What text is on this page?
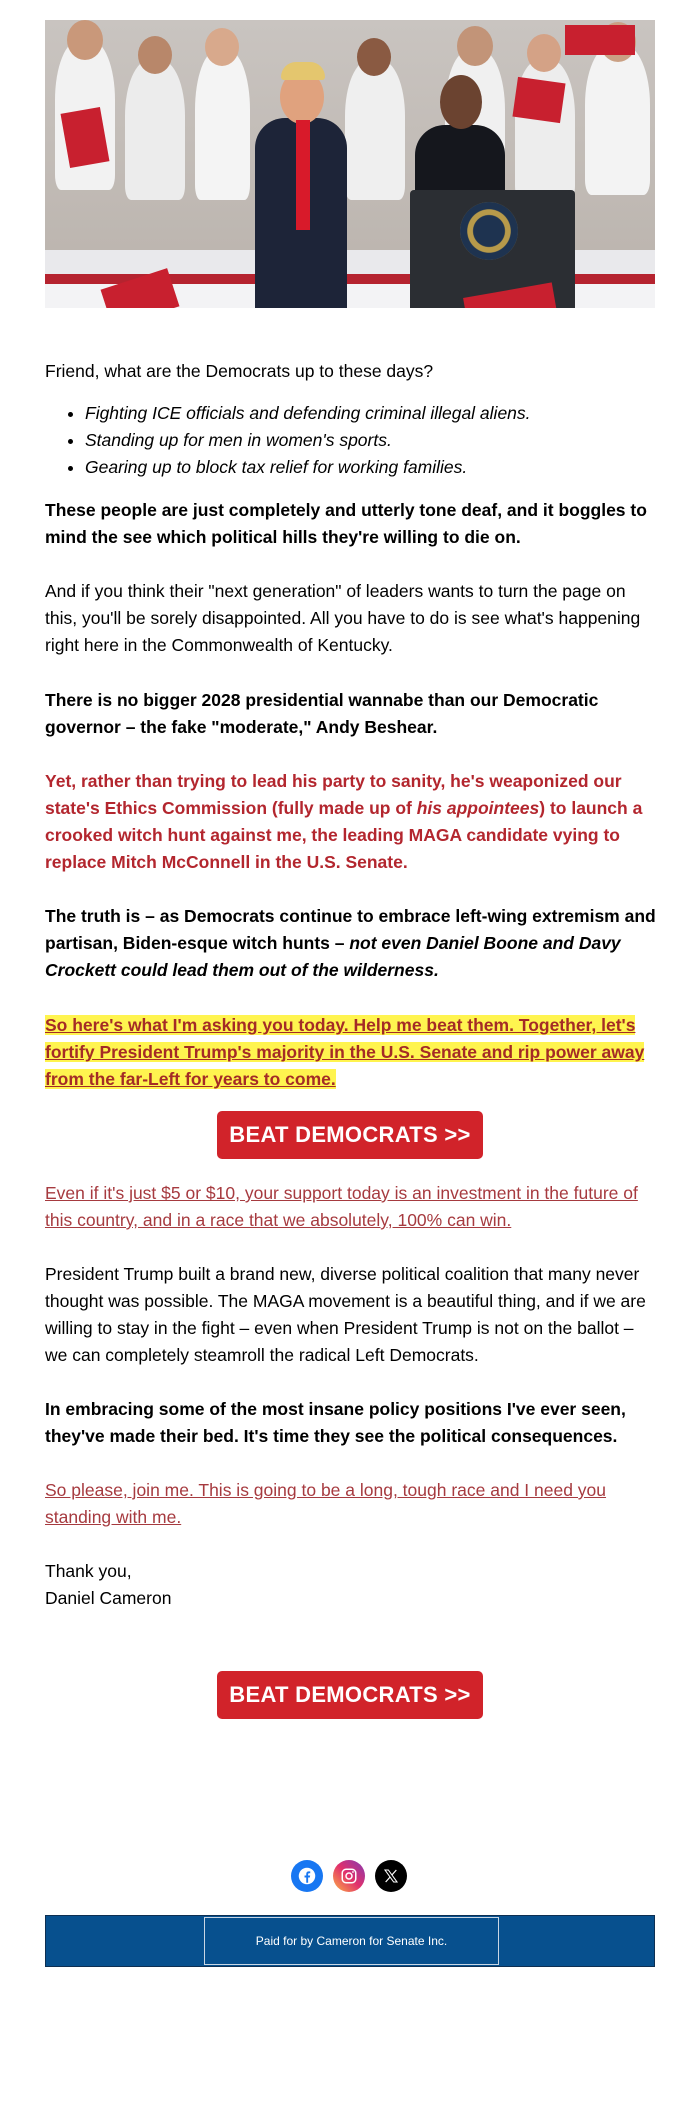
Friend, what are the Democrats up to these days?
• Fighting ICE officials and defending criminal illegal aliens.
• Standing up for men in women's sports.
• Gearing up to block tax relief for working families.
These people are just completely and utterly tone deaf, and it boggles to mind the see which political hills they're willing to die on.
And if you think their "next generation" of leaders wants to turn the page on this, you'll be sorely disappointed. All you have to do is see what's happening right here in the Commonwealth of Kentucky.
There is no bigger 2028 presidential wannabe than our Democratic governor – the fake "moderate," Andy Beshear.
Yet, rather than trying to lead his party to sanity, he's weaponized our state's Ethics Commission (fully made up of his appointees) to launch a crooked witch hunt against me, the leading MAGA candidate vying to replace Mitch McConnell in the U.S. Senate.
The truth is – as Democrats continue to embrace left-wing extremism and partisan, Biden-esque witch hunts – not even Daniel Boone and Davy Crockett could lead them out of the wilderness.
So here's what I'm asking you today. Help me beat them. Together, let's fortify President Trump's majority in the U.S. Senate and rip power away from the far-Left for years to come.
BEAT DEMOCRATS >>
Even if it's just $5 or $10, your support today is an investment in the future of this country, and in a race that we absolutely, 100% can win.
President Trump built a brand new, diverse political coalition that many never thought was possible. The MAGA movement is a beautiful thing, and if we are willing to stay in the fight – even when President Trump is not on the ballot – we can completely steamroll the radical Left Democrats.
In embracing some of the most insane policy positions I've ever seen, they've made their bed. It's time they see the political consequences.
So please, join me. This is going to be a long, tough race and I need you standing with me.
Thank you,
Daniel Cameron
BEAT DEMOCRATS >>
Paid for by Cameron for Senate Inc.
